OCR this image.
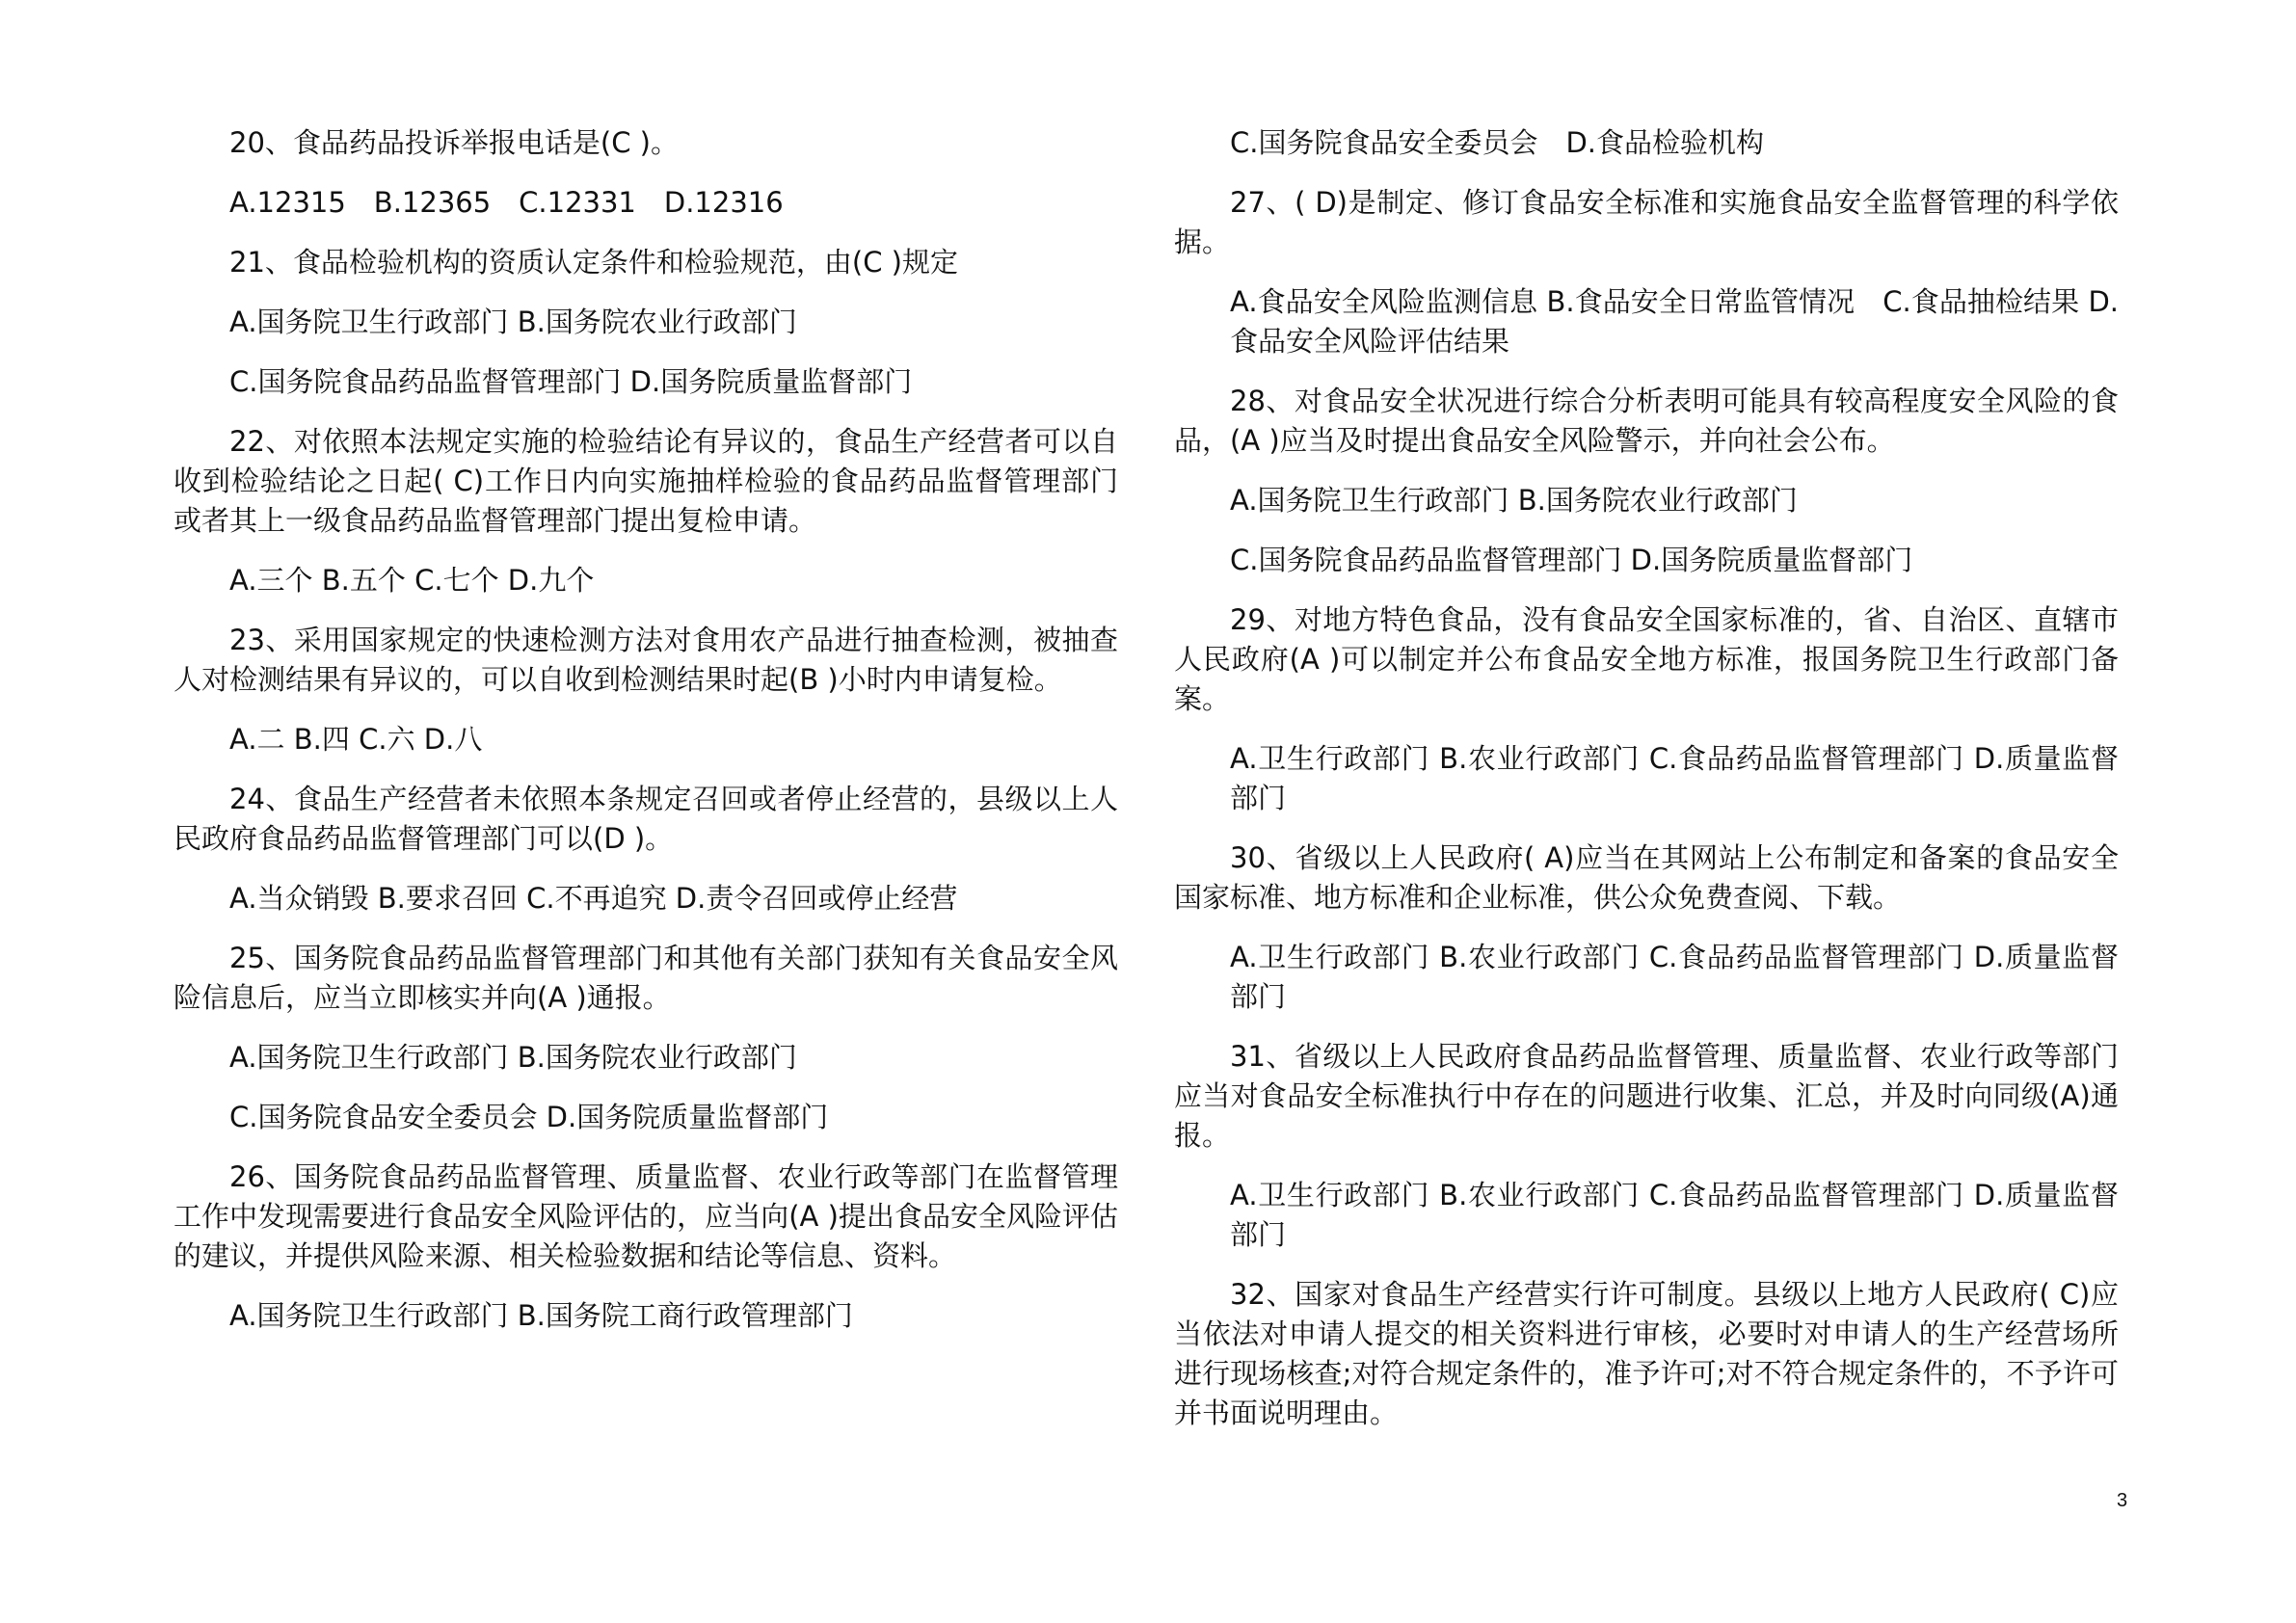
20、食品药品投诉举报电话是(C )。

A.12315　B.12365　C.12331　D.12316

21、食品检验机构的资质认定条件和检验规范，由(C )规定

A.国务院卫生行政部门 B.国务院农业行政部门

C.国务院食品药品监督管理部门 D.国务院质量监督部门

22、对依照本法规定实施的检验结论有异议的，食品生产经营者可以自收到检验结论之日起( C)工作日内向实施抽样检验的食品药品监督管理部门或者其上一级食品药品监督管理部门提出复检申请。

A.三个 B.五个 C.七个 D.九个

23、采用国家规定的快速检测方法对食用农产品进行抽查检测，被抽查人对检测结果有异议的，可以自收到检测结果时起(B )小时内申请复检。

A.二 B.四 C.六 D.八

24、食品生产经营者未依照本条规定召回或者停止经营的，县级以上人民政府食品药品监督管理部门可以(D )。

A.当众销毁 B.要求召回 C.不再追究 D.责令召回或停止经营

25、国务院食品药品监督管理部门和其他有关部门获知有关食品安全风险信息后，应当立即核实并向(A )通报。

A.国务院卫生行政部门 B.国务院农业行政部门

C.国务院食品安全委员会 D.国务院质量监督部门

26、国务院食品药品监督管理、质量监督、农业行政等部门在监督管理工作中发现需要进行食品安全风险评估的，应当向(A )提出食品安全风险评估的建议，并提供风险来源、相关检验数据和结论等信息、资料。

A.国务院卫生行政部门 B.国务院工商行政管理部门

C.国务院食品安全委员会　D.食品检验机构

27、( D)是制定、修订食品安全标准和实施食品安全监督管理的科学依据。

A.食品安全风险监测信息 B.食品安全日常监管情况　C.食品抽检结果 D.食品安全风险评估结果

28、对食品安全状况进行综合分析表明可能具有较高程度安全风险的食品，(A )应当及时提出食品安全风险警示，并向社会公布。

A.国务院卫生行政部门 B.国务院农业行政部门

C.国务院食品药品监督管理部门 D.国务院质量监督部门

29、对地方特色食品，没有食品安全国家标准的，省、自治区、直辖市人民政府(A )可以制定并公布食品安全地方标准，报国务院卫生行政部门备案。

A.卫生行政部门 B.农业行政部门 C.食品药品监督管理部门 D.质量监督部门

30、省级以上人民政府( A)应当在其网站上公布制定和备案的食品安全国家标准、地方标准和企业标准，供公众免费查阅、下载。

A.卫生行政部门 B.农业行政部门 C.食品药品监督管理部门 D.质量监督部门

31、省级以上人民政府食品药品监督管理、质量监督、农业行政等部门应当对食品安全标准执行中存在的问题进行收集、汇总，并及时向同级(A)通报。

A.卫生行政部门 B.农业行政部门 C.食品药品监督管理部门 D.质量监督部门

32、国家对食品生产经营实行许可制度。县级以上地方人民政府( C)应当依法对申请人提交的相关资料进行审核，必要时对申请人的生产经营场所进行现场核查;对符合规定条件的，准予许可;对不符合规定条件的，不予许可并书面说明理由。

3
